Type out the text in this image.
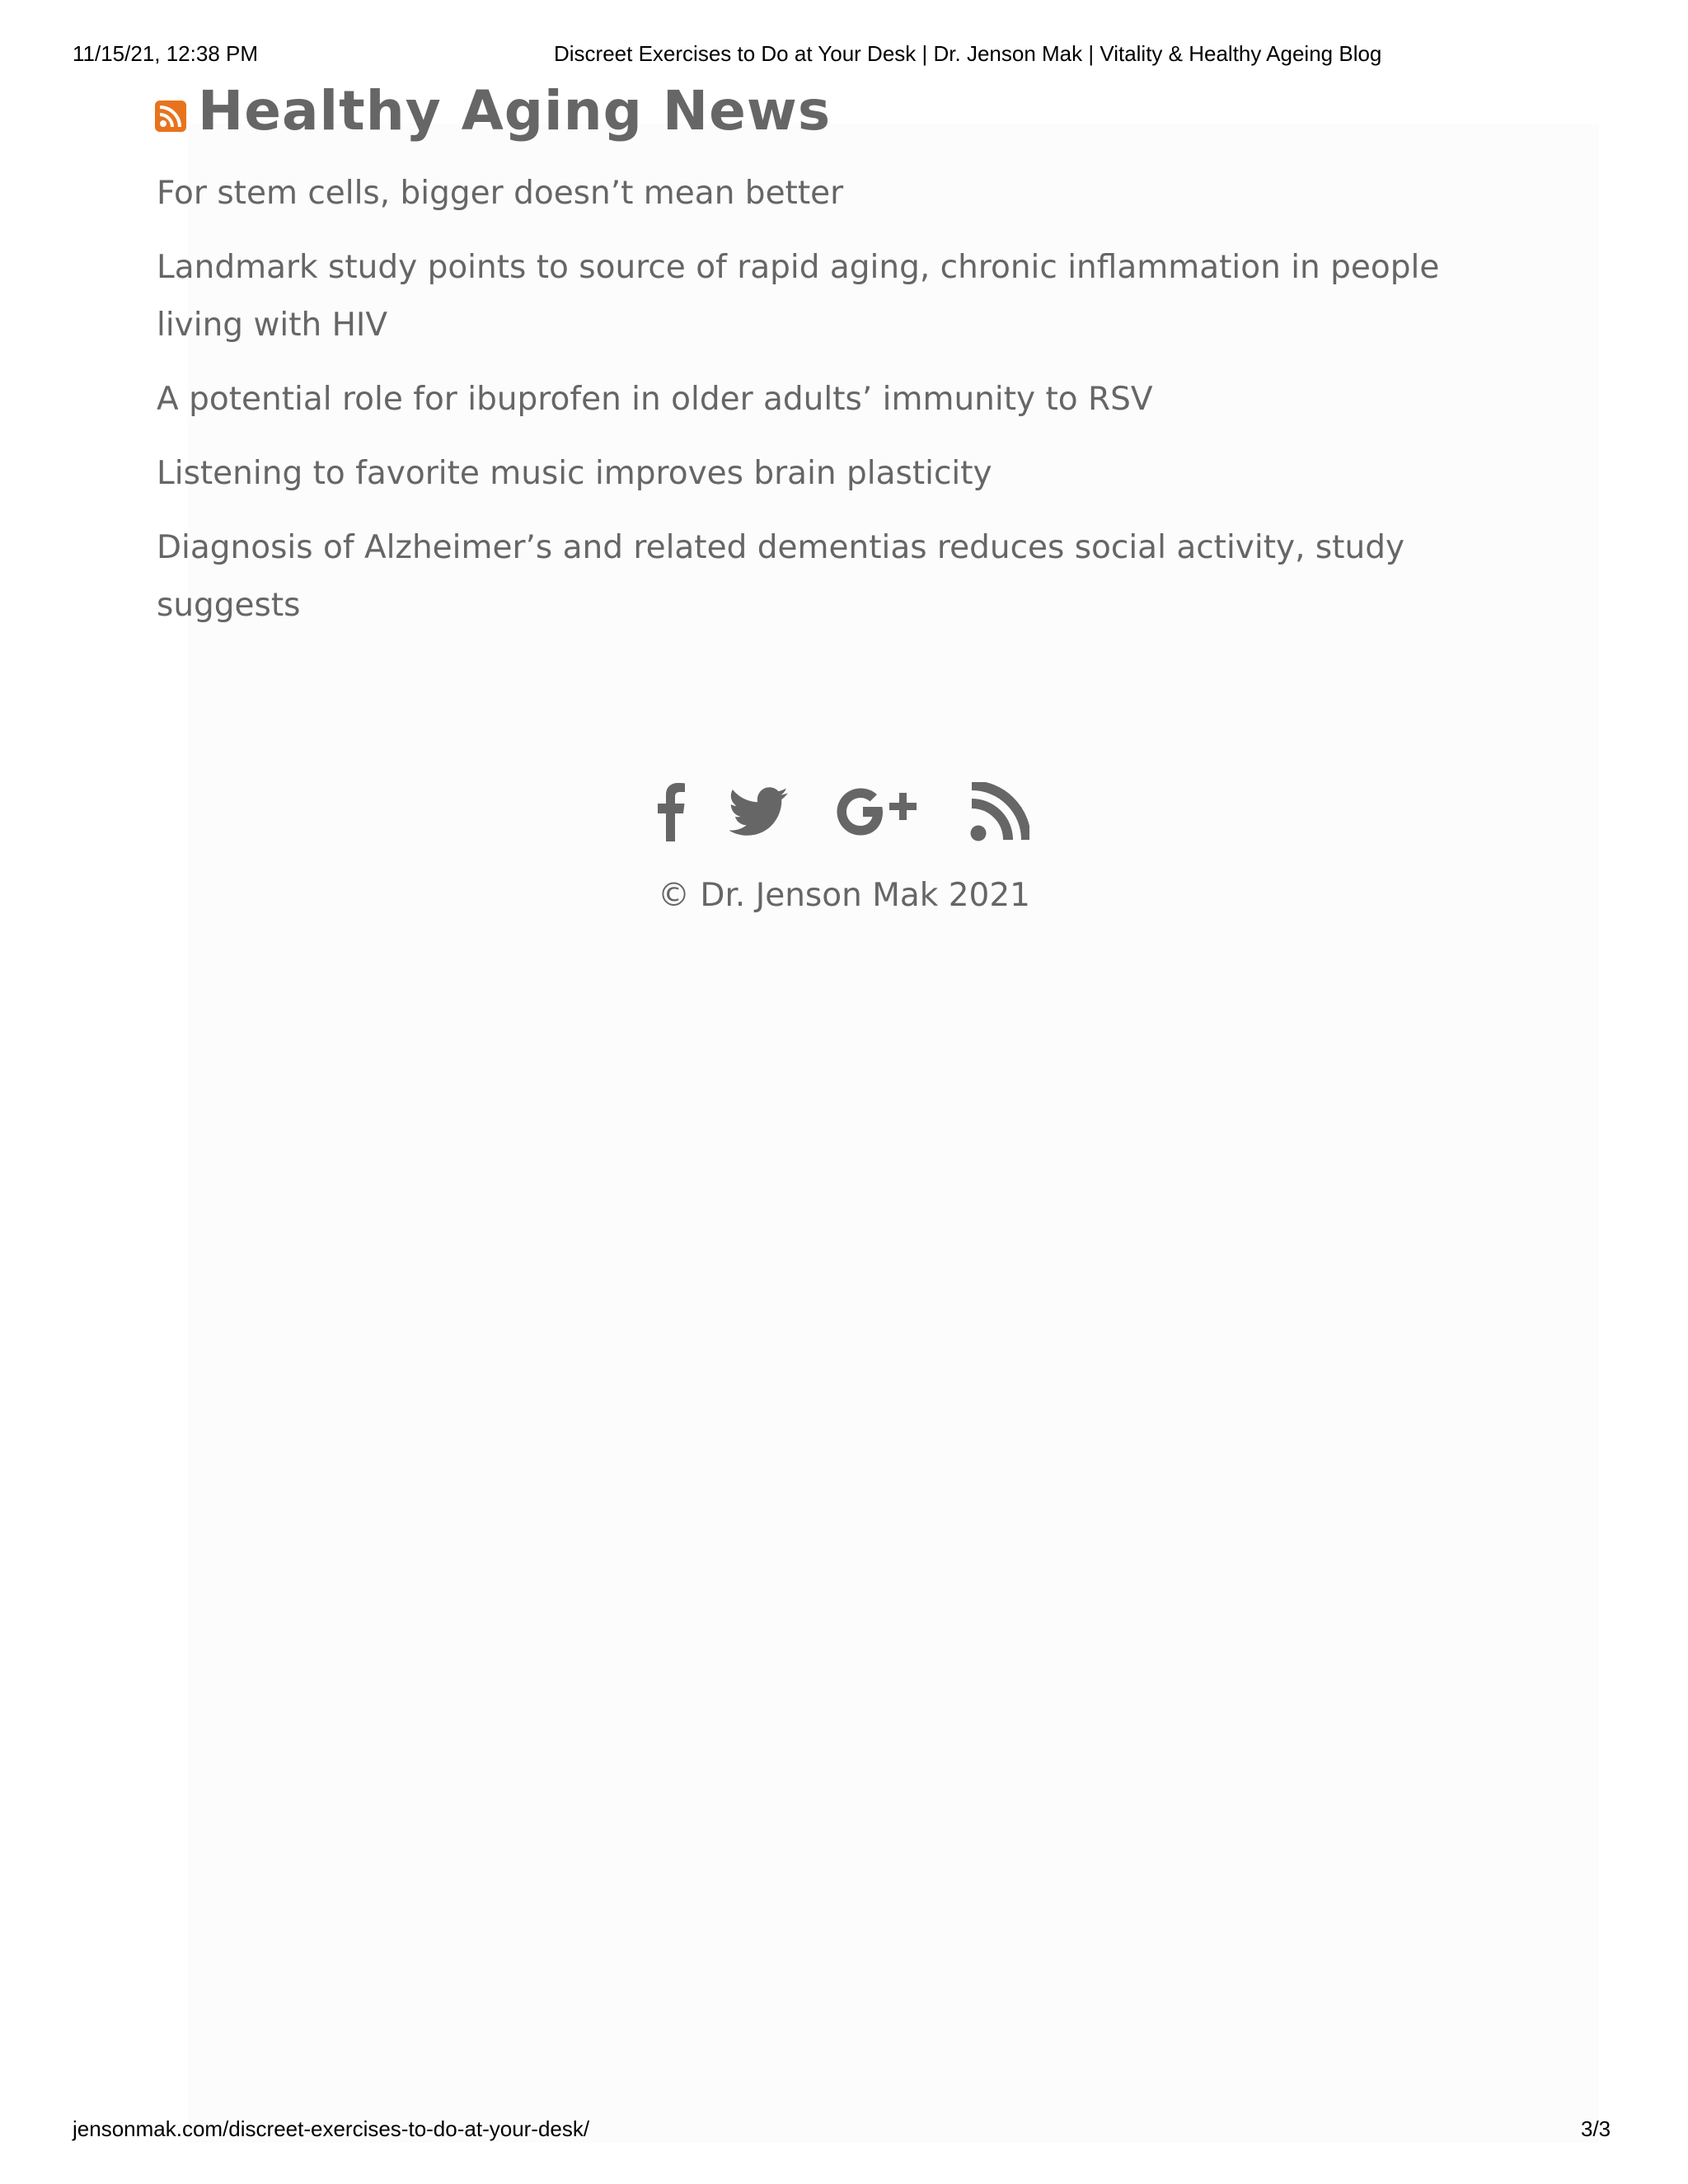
11/15/21, 12:38 PM	Discreet Exercises to Do at Your Desk | Dr. Jenson Mak | Vitality & Healthy Ageing Blog
Healthy Aging News
For stem cells, bigger doesn’t mean better
Landmark study points to source of rapid aging, chronic inflammation in people living with HIV
A potential role for ibuprofen in older adults’ immunity to RSV
Listening to favorite music improves brain plasticity
Diagnosis of Alzheimer’s and related dementias reduces social activity, study suggests
© Dr. Jenson Mak 2021
jensonmak.com/discreet-exercises-to-do-at-your-desk/	3/3
